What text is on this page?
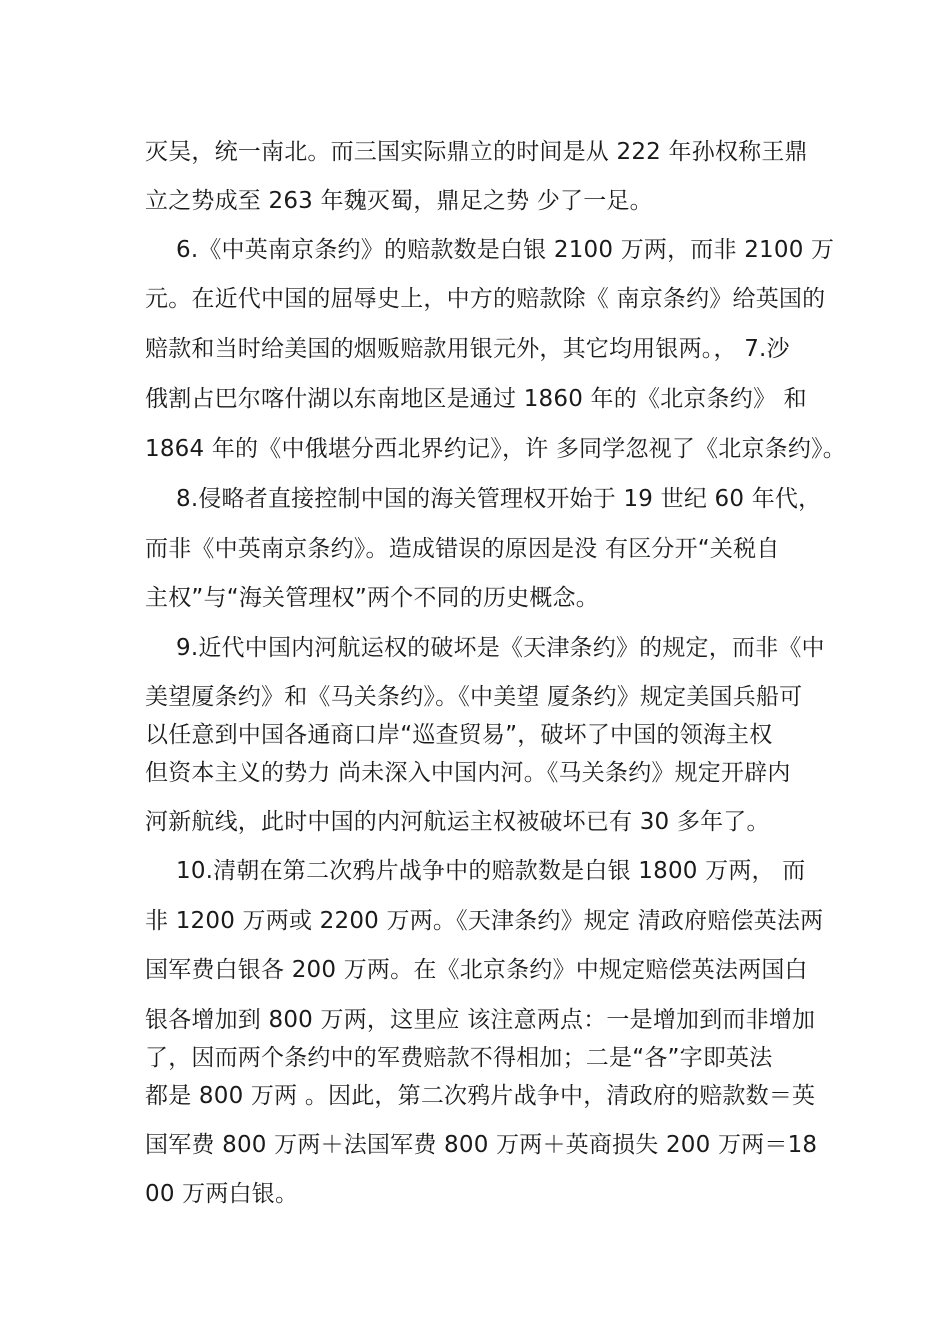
灭吴，统一南北。而三国实际鼎立的时间是从 222 年孙权称王鼎
立之势成至 263 年魏灭蜀，鼎足之势 少了一足。
6.《中英南京条约》的赔款数是白银 2100 万两，而非 2100 万
元。在近代中国的屈辱史上，中方的赔款除《 南京条约》给英国的
赔款和当时给美国的烟贩赔款用银元外，其它均用银两。， 7.沙
俄割占巴尔喀什湖以东南地区是通过 1860 年的《北京条约》 和
1864 年的《中俄堪分西北界约记》，许 多同学忽视了《北京条约》。
8.侵略者直接控制中国的海关管理权开始于 19 世纪 60 年代，
而非《中英南京条约》。造成错误的原因是没 有区分开“关税自
主权”与“海关管理权”两个不同的历史概念。
9.近代中国内河航运权的破坏是《天津条约》的规定，而非《中
美望厦条约》和《马关条约》。《中美望 厦条约》规定美国兵船可
以任意到中国各通商口岸“巡查贸易”，破坏了中国的领海主权
但资本主义的势力 尚未深入中国内河。《马关条约》规定开辟内
河新航线，此时中国的内河航运主权被破坏已有 30 多年了。
10.清朝在第二次鸦片战争中的赔款数是白银 1800 万两， 而
非 1200 万两或 2200 万两。《天津条约》规定 清政府赔偿英法两
国军费白银各 200 万两。在《北京条约》中规定赔偿英法两国白
银各增加到 800 万两，这里应 该注意两点：一是增加到而非增加
了，因而两个条约中的军费赔款不得相加；二是“各”字即英法
都是 800 万两 。因此，第二次鸦片战争中，清政府的赔款数＝英
国军费 800 万两＋法国军费 800 万两＋英商损失 200 万两＝18
00 万两白银。
